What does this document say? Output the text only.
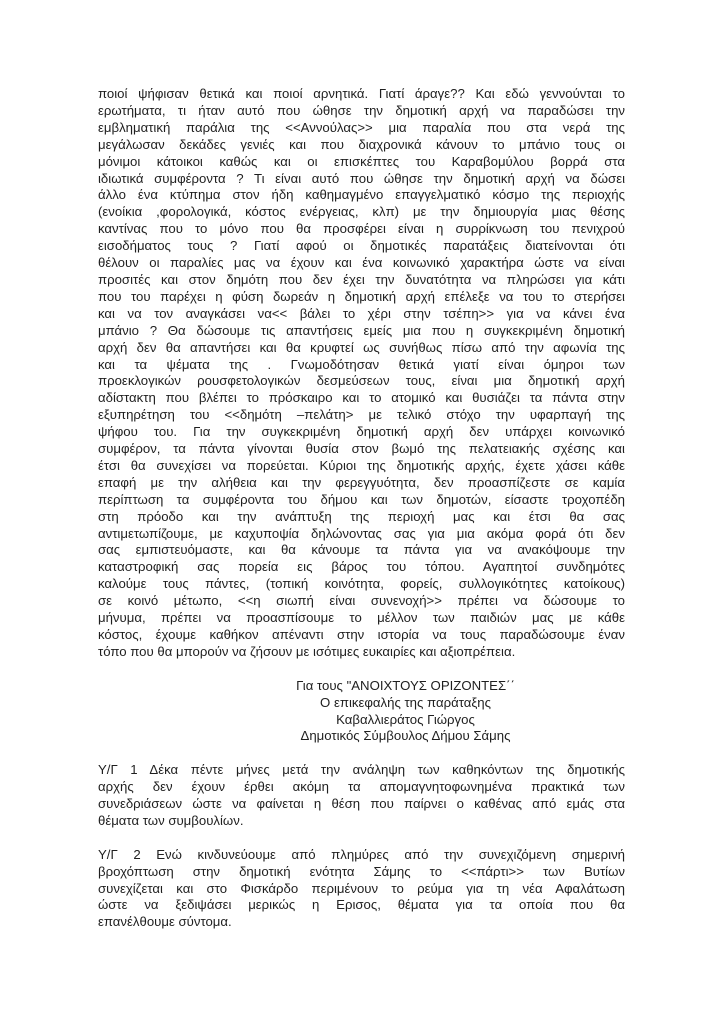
ποιοί ψήφισαν θετικά και ποιοί αρνητικά. Γιατί άραγε?? Και εδώ γεννούνται το
ερωτήματα, τι ήταν αυτό που ώθησε την δημοτική αρχή να παραδώσει την
εμβληματική παράλια της <<Αννούλας>> μια παραλία που στα νερά της
μεγάλωσαν δεκάδες γενιές και που διαχρονικά κάνουν το μπάνιο τους οι
μόνιμοι κάτοικοι καθώς και οι επισκέπτες του Καραβομύλου βορρά στα
ιδιωτικά συμφέροντα ? Τι είναι αυτό που ώθησε την δημοτική αρχή να δώσει
άλλο ένα κτύπημα στον ήδη καθημαγμένο επαγγελματικό κόσμο της περιοχής
(ενοίκια ,φορολογικά, κόστος ενέργειας, κλπ) με την δημιουργία μιας θέσης
καντίνας που το μόνο που θα προσφέρει είναι η συρρίκνωση του πενιχρού
εισοδήματος τους ? Γιατί αφού οι δημοτικές παρατάξεις διατείνονται ότι
θέλουν οι παραλίες μας να έχουν και ένα κοινωνικό χαρακτήρα ώστε να είναι
προσιτές και στον δημότη που δεν έχει την δυνατότητα να πληρώσει για κάτι
που του παρέχει η φύση δωρεάν η δημοτική αρχή επέλεξε να του το στερήσει
και να τον αναγκάσει να<< βάλει το χέρι στην τσέπη>> για να κάνει ένα
μπάνιο ? Θα δώσουμε τις απαντήσεις εμείς μια που η συγκεκριμένη δημοτική
αρχή δεν θα απαντήσει και θα κρυφτεί ως συνήθως πίσω από την αφωνία της
και τα ψέματα της . Γνωμοδότησαν θετικά γιατί είναι όμηροι των
προεκλογικών ρουσφετολογικών δεσμεύσεων τους, είναι μια δημοτική αρχή
αδίστακτη που βλέπει το πρόσκαιρο και το ατομικό και θυσιάζει τα πάντα στην
εξυπηρέτηση του <<δημότη –πελάτη> με τελικό στόχο την υφαρπαγή της
ψήφου του. Για την συγκεκριμένη δημοτική αρχή δεν υπάρχει κοινωνικό
συμφέρον, τα πάντα γίνονται θυσία στον βωμό της πελατειακής σχέσης και
έτσι θα συνεχίσει να πορεύεται. Κύριοι της δημοτικής αρχής, έχετε χάσει κάθε
επαφή με την αλήθεια και την φερεγγυότητα, δεν προασπίζεστε σε καμία
περίπτωση τα συμφέροντα του δήμου και των δημοτών, είσαστε τροχοπέδη
στη πρόοδο και την ανάπτυξη της περιοχή μας και έτσι θα σας
αντιμετωπίζουμε, με καχυποψία δηλώνοντας σας για μια ακόμα φορά ότι δεν
σας εμπιστευόμαστε, και θα κάνουμε τα πάντα για να ανακόψουμε την
καταστροφική σας πορεία εις βάρος του τόπου. Αγαπητοί συνδημότες
καλούμε τους πάντες, (τοπική κοινότητα, φορείς, συλλογικότητες κατοίκους)
σε κοινό μέτωπο, <<η σιωπή είναι συνενοχή>> πρέπει να δώσουμε το
μήνυμα, πρέπει να προασπίσουμε το μέλλον των παιδιών μας με κάθε
κόστος, έχουμε καθήκον απέναντι στην ιστορία να τους παραδώσουμε έναν
τόπο που θα μπορούν να ζήσουν με ισότιμες ευκαιρίες και αξιοπρέπεια.
Για τους "ΑΝΟΙΧΤΟΥΣ ΟΡΙΖΟΝΤΕΣ΄΄
Ο επικεφαλής της παράταξης
Καβαλλιεράτος Γιώργος
Δημοτικός Σύμβουλος Δήμου Σάμης
Υ/Γ 1 Δέκα πέντε μήνες μετά την ανάληψη των καθηκόντων της δημοτικής
αρχής δεν έχουν έρθει ακόμη τα απομαγνητοφωνημένα πρακτικά των
συνεδριάσεων ώστε να φαίνεται η θέση που παίρνει ο καθένας από εμάς στα
θέματα των συμβουλίων.
Υ/Γ 2 Ενώ κινδυνεύουμε από πλημύρες από την συνεχιζόμενη σημερινή
βροχόπτωση στην δημοτική ενότητα Σάμης το <<πάρτι>> των Βυτίων
συνεχίζεται και στο Φισκάρδο περιμένουν το ρεύμα για τη νέα Αφαλάτωση
ώστε να ξεδιψάσει μερικώς η Ερισος, θέματα για τα οποία που θα
επανέλθουμε σύντομα.
